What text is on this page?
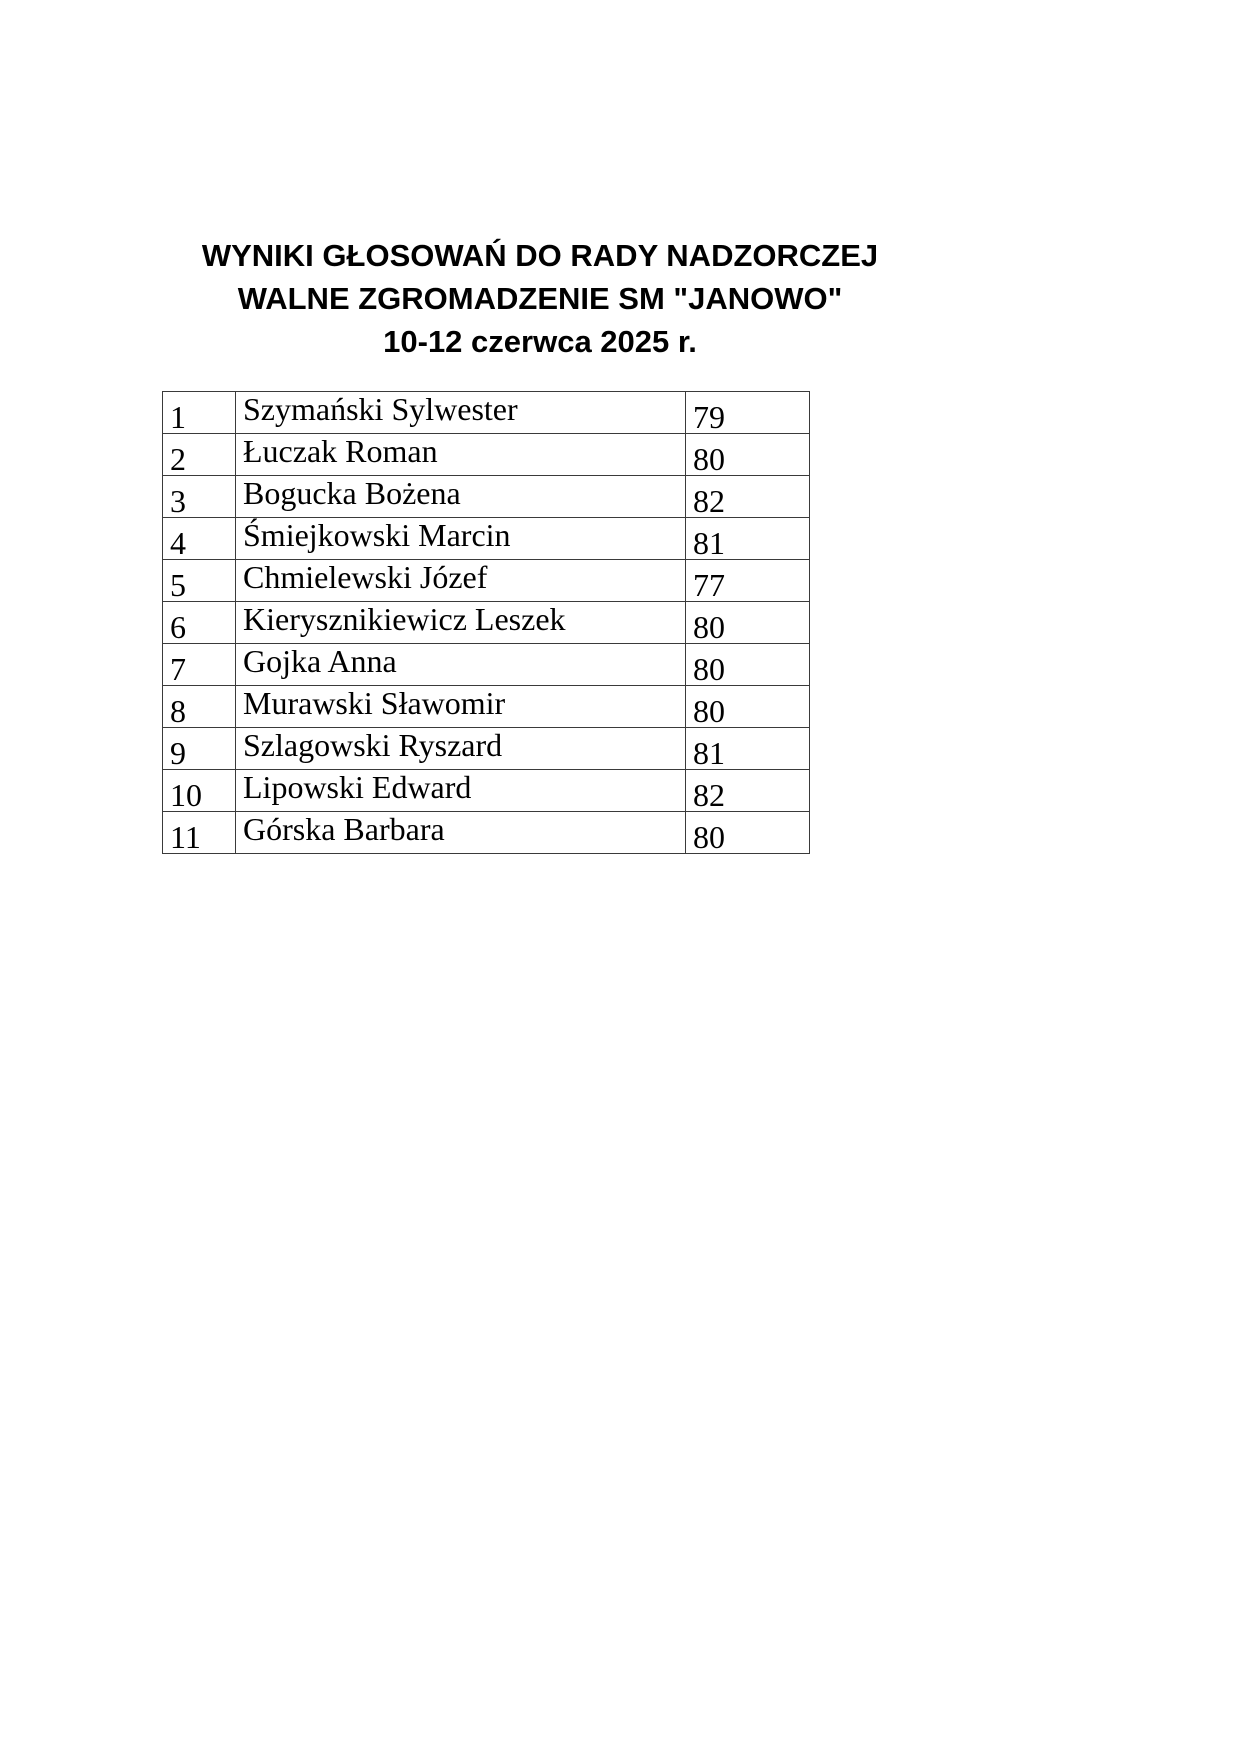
WYNIKI GŁOSOWAŃ DO RADY NADZORCZEJ
WALNE ZGROMADZENIE SM "JANOWO"
10-12 czerwca 2025 r.
1	Szymański Sylwester	79
2	Łuczak Roman	80
3	Bogucka Bożena	82
4	Śmiejkowski Marcin	81
5	Chmielewski Józef	77
6	Kierysznikiewicz Leszek	80
7	Gojka Anna	80
8	Murawski Sławomir	80
9	Szlagowski Ryszard	81
10	Lipowski Edward	82
11	Górska Barbara	80
